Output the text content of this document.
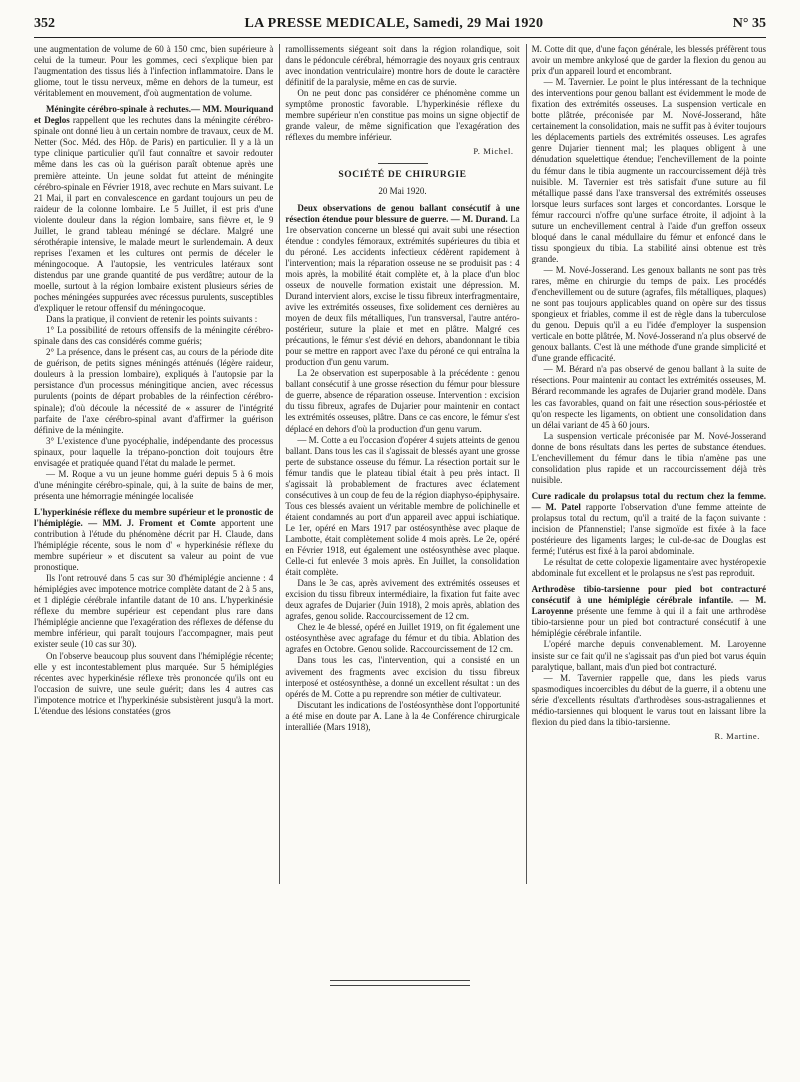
352	LA PRESSE MEDICALE, Samedi, 29 Mai 1920	N° 35

une augmentation de volume de 60 à 150 cmc, bien supérieure à celui de la tumeur. Pour les gommes, ceci s'explique bien par l'augmentation des tissus liés à l'infection inflammatoire. Dans le gliome, tout le tissu nerveux, même en dehors de la tumeur, est véritablement en mouvement, d'où augmentation de volume.

Méningite cérébro-spinale à rechutes.— MM. Mouriquand et Deglos rappellent que les rechutes dans la méningite cérébro-spinale ont donné lieu à un certain nombre de travaux, ceux de M. Netter (Soc. Méd. des Hôp. de Paris) en particulier. Il y a là un type clinique particulier qu'il faut connaître et savoir redouter même dans les cas où la guérison paraît obtenue après une première atteinte. Un jeune soldat fut atteint de méningite cérébro-spinale en Février 1918, avec rechute en Mars suivant. Le 21 Mai, il part en convalescence en gardant toujours un peu de raideur de la colonne lombaire. Le 5 Juillet, il est pris d'une violente douleur dans la région lombaire, sans fièvre et, le 9 Juillet, le grand tableau méningé se déclare. Malgré une sérothérapie intensive, le malade meurt le surlendemain. A deux reprises l'examen et les cultures ont permis de déceler le méningocoque. A l'autopsie, les ventricules latéraux sont distendus par une grande quantité de pus verdâtre; autour de la moelle, surtout à la région lombaire existent plusieurs séries de poches méningées suppurées avec récessus purulents, susceptibles d'expliquer le retour offensif du méningocoque.

Dans la pratique, il convient de retenir les points suivants :

1° La possibilité de retours offensifs de la méningite cérébro-spinale dans des cas considérés comme guéris;

2° La présence, dans le présent cas, au cours de la période dite de guérison, de petits signes méningés atténués (légère raideur, douleurs à la pression lombaire), expliqués à l'autopsie par la persistance d'un processus méningitique ancien, avec récessus purulents (points de départ probables de la réinfection cérébro-spinale); d'où découle la nécessité de « assurer de l'intégrité parfaite de l'axe cérébro-spinal avant d'affirmer la guérison définive de la méningite.

3° L'existence d'une pyocéphalie, indépendante des processus spinaux, pour laquelle la trépano-ponction doit toujours être envisagée et pratiquée quand l'état du malade le permet.

— M. Roque a vu un jeune homme guéri depuis 5 à 6 mois d'une méningite cérébro-spinale, qui, à la suite de bains de mer, présenta une hémorragie méningée localisée

L'hyperkinésie réflexe du membre supérieur et le pronostic de l'hémiplégie. — MM. J. Froment et Comte apportent une contribution à l'étude du phénomène décrit par H. Claude, dans l'hémiplégie récente, sous le nom d' « hyperkinésie réflexe du membre supérieur » et discutent sa valeur au point de vue pronostique.

Ils l'ont retrouvé dans 5 cas sur 30 d'hémiplégie ancienne : 4 hémiplégies avec impotence motrice complète datant de 2 à 5 ans, et 1 diplégie cérébrale infantile datant de 10 ans. L'hyperkinésie réflexe du membre supérieur est cependant plus rare dans l'hémiplégie ancienne que l'exagération des réflexes de défense du membre inférieur, qui paraît toujours l'accompagner, mais peut exister seule (10 cas sur 30).

On l'observe beaucoup plus souvent dans l'hémiplégie récente; elle y est incontestablement plus marquée. Sur 5 hémiplégies récentes avec hyperkinésie réflexe très prononcée qu'ils ont eu l'occasion de suivre, une seule guérit; dans les 4 autres cas l'impotence motrice et l'hyperkinésie subsistèrent jusqu'à la mort. L'étendue des lésions constatées (gros

ramollissements siégeant soit dans la région rolandique, soit dans le pédoncule cérébral, hémorragie des noyaux gris centraux avec inondation ventriculaire) montre hors de doute le caractère définitif de la paralysie, même en cas de survie.

On ne peut donc pas considérer ce phénomène comme un symptôme pronostic favorable. L'hyperkinésie réflexe du membre supérieur n'en constitue pas moins un signe objectif de grande valeur, de même signification que l'exagération des réflexes du membre inférieur.

P. Michel.
SOCIÉTÉ DE CHIRURGIE
20 Mai 1920.

Deux observations de genou ballant consécutif à une résection étendue pour blessure de guerre. — M. Durand. La 1re observation concerne un blessé qui avait subi une résection étendue : condyles fémoraux, extrémités supérieures du tibia et du péroné. Les accidents infectieux cédèrent rapidement à l'intervention; mais la réparation osseuse ne se produisit pas : 4 mois après, la mobilité était complète et, à la place d'un bloc osseux de nouvelle formation existait une dépression. M. Durand intervient alors, excise le tissu fibreux interfragmentaire, avive les extrémités osseuses, fixe solidement ces dernières au moyen de deux fils métalliques, l'un transversal, l'autre antéro-postérieur, suture la plaie et met en plâtre. Malgré ces précautions, le fémur s'est dévié en dehors, abandonnant le tibia pour se mettre en rapport avec l'axe du péroné ce qui entraîna la production d'un genu varum.

La 2e observation est superposable à la précédente : genou ballant consécutif à une grosse résection du fémur pour blessure de guerre, absence de réparation osseuse. Intervention : excision du tissu fibreux, agrafes de Dujarier pour maintenir en contact les extrémités osseuses, plâtre. Dans ce cas encore, le fémur s'est déplacé en dehors d'où la production d'un genu varum.

— M. Cotte a eu l'occasion d'opérer 4 sujets atteints de genou ballant. Dans tous les cas il s'agissait de blessés ayant une grosse perte de substance osseuse du fémur. La résection portait sur le fémur tandis que le plateau tibial était à peu près intact. Il s'agissait là probablement de fractures avec éclatement consécutives à un coup de feu de la région diaphyso-épiphysaire. Tous ces blessés avaient un véritable membre de polichinelle et étaient condamnés au port d'un appareil avec appui ischiatique. Le 1er, opéré en Mars 1917 par ostéosynthèse avec plaque de Lambotte, était complètement solide 4 mois après. Le 2e, opéré en Février 1918, eut également une ostéosynthèse avec plaque. Celle-ci fut enlevée 3 mois après. En Juillet, la consolidation était complète.

Dans le 3e cas, après avivement des extrémités osseuses et excision du tissu fibreux intermédiaire, la fixation fut faite avec deux agrafes de Dujarier (Juin 1918), 2 mois après, ablation des agrafes, genou solide. Raccourcissement de 12 cm.

Chez le 4e blessé, opéré en Juillet 1919, on fit également une ostéosynthèse avec agrafage du fémur et du tibia. Ablation des agrafes en Octobre. Genou solide. Raccourcissement de 12 cm.

Dans tous les cas, l'intervention, qui a consisté en un avivement des fragments avec excision du tissu fibreux interposé et ostéosynthèse, a donné un excellent résultat : un des opérés de M. Cotte a pu reprendre son métier de cultivateur.

Discutant les indications de l'ostéosynthèse dont l'opportunité a été mise en doute par A. Lane à la 4e Conférence chirurgicale interalliée (Mars 1918),

M. Cotte dit que, d'une façon générale, les blessés préfèrent tous avoir un membre ankylosé que de garder la flexion du genou au prix d'un appareil lourd et encombrant.

— M. Tavernier. Le point le plus intéressant de la technique des interventions pour genou ballant est évidemment le mode de fixation des extrémités osseuses. La suspension verticale en botte plâtrée, préconisée par M. Nové-Josserand, hâte certainement la consolidation, mais ne suffit pas à éviter toujours les déplacements partiels des extrémités osseuses. Les agrafes genre Dujarier tiennent mal; les plaques obligent à une dénudation squelettique étendue; l'enchevillement de la pointe du fémur dans le tibia augmente un raccourcissement déjà très nuisible. M. Tavernier est très satisfait d'une suture au fil métallique passé dans l'axe transversal des extrémités osseuses lorsque leurs surfaces sont larges et concordantes. Lorsque le fémur raccourci n'offre qu'une surface étroite, il adjoint à la suture un enchevillement central à l'aide d'un greffon osseux bloqué dans le canal médullaire du fémur et enfoncé dans le tissu spongieux du tibia. La stabilité ainsi obtenue est très grande.

— M. Nové-Josserand. Les genoux ballants ne sont pas très rares, même en chirurgie du temps de paix. Les procédés d'enchevillement ou de suture (agrafes, fils métalliques, plaques) ne sont pas toujours applicables quand on opère sur des tissus spongieux et friables, comme il est de règle dans la tuberculose du genou. Depuis qu'il a eu l'idée d'employer la suspension verticale en botte plâtrée, M. Nové-Josserand n'a plus observé de genoux ballants. C'est là une méthode d'une grande simplicité et d'une grande efficacité.

— M. Bérard n'a pas observé de genou ballant à la suite de résections. Pour maintenir au contact les extrémités osseuses, M. Bérard recommande les agrafes de Dujarier grand modèle. Dans les cas favorables, quand on fait une résection sous-périostée et qu'on respecte les ligaments, on obtient une consolidation dans un délai variant de 45 à 60 jours.

La suspension verticale préconisée par M. Nové-Josserand donne de bons résultats dans les pertes de substance étendues. L'enchevillement du fémur dans le tibia n'amène pas une consolidation plus rapide et un raccourcissement déjà très nuisible.

Cure radicale du prolapsus total du rectum chez la femme. — M. Patel rapporte l'observation d'une femme atteinte de prolapsus total du rectum, qu'il a traité de la façon suivante : incision de Pfannenstiel; l'anse sigmoïde est fixée à la face postérieure des ligaments larges; le cul-de-sac de Douglas est fermé; l'utérus est fixé à la paroi abdominale.

Le résultat de cette colopexie ligamentaire avec hystéropexie abdominale fut excellent et le prolapsus ne s'est pas reproduit.

Arthrodèse tibio-tarsienne pour pied bot contracturé consécutif à une hémiplégie cérébrale infantile. — M. Laroyenne présente une femme à qui il a fait une arthrodèse tibio-tarsienne pour un pied bot contracturé consécutif à une hémiplégie cérébrale infantile.

L'opéré marche depuis convenablement. M. Laroyenne insiste sur ce fait qu'il ne s'agissait pas d'un pied bot varus équin paralytique, ballant, mais d'un pied bot contracturé.

— M. Tavernier rappelle que, dans les pieds varus spasmodiques incoercibles du début de la guerre, il a obtenu une série d'excellents résultats d'arthrodèses sous-astragaliennes et médio-tarsiennes qui bloquent le varus tout en laissant libre la flexion du pied dans la tibio-tarsienne.

R. Martine.
